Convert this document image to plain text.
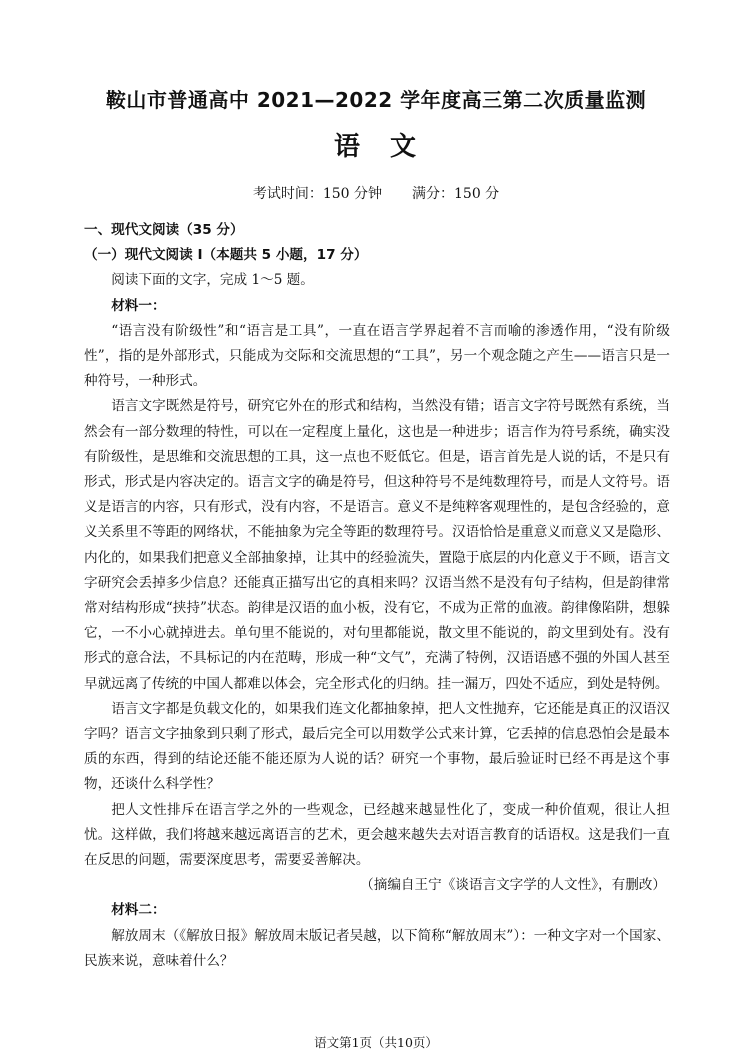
鞍山市普通高中 2021—2022 学年度高三第二次质量监测
语 文
考试时间：150 分钟 满分：150 分

一、现代文阅读（35 分）

（一）现代文阅读 I（本题共 5 小题，17 分）

阅读下面的文字，完成 1～5 题。

材料一：

“语言没有阶级性”和“语言是工具”，一直在语言学界起着不言而喻的渗透作用，“没有阶级性”，指的是外部形式，只能成为交际和交流思想的“工具”，另一个观念随之产生——语言只是一种符号，一种形式。

语言文字既然是符号，研究它外在的形式和结构，当然没有错；语言文字符号既然有系统，当然会有一部分数理的特性，可以在一定程度上量化，这也是一种进步；语言作为符号系统，确实没有阶级性，是思维和交流思想的工具，这一点也不贬低它。但是，语言首先是人说的话，不是只有形式，形式是内容决定的。语言文字的确是符号，但这种符号不是纯数理符号，而是人文符号。语义是语言的内容，只有形式，没有内容，不是语言。意义不是纯粹客观理性的，是包含经验的，意义关系里不等距的网络状，不能抽象为完全等距的数理符号。汉语恰恰是重意义而意义又是隐形、内化的，如果我们把意义全部抽象掉，让其中的经验流失，置隐于底层的内化意义于不顾，语言文字研究会丢掉多少信息？还能真正描写出它的真相来吗？汉语当然不是没有句子结构，但是韵律常常对结构形成“挟持”状态。韵律是汉语的血小板，没有它，不成为正常的血液。韵律像陷阱，想躲它，一不小心就掉进去。单句里不能说的，对句里都能说，散文里不能说的，韵文里到处有。没有形式的意合法，不具标记的内在范畴，形成一种“文气”，充满了特例，汉语语感不强的外国人甚至早就远离了传统的中国人都难以体会，完全形式化的归纳。挂一漏万，四处不适应，到处是特例。

语言文字都是负载文化的，如果我们连文化都抽象掉，把人文性抛弃，它还能是真正的汉语汉字吗？语言文字抽象到只剩了形式，最后完全可以用数学公式来计算，它丢掉的信息恐怕会是最本质的东西，得到的结论还能不能还原为人说的话？研究一个事物，最后验证时已经不再是这个事物，还谈什么科学性？

把人文性排斥在语言学之外的一些观念，已经越来越显性化了，变成一种价值观，很让人担忧。这样做，我们将越来越远离语言的艺术，更会越来越失去对语言教育的话语权。这是我们一直在反思的问题，需要深度思考，需要妥善解决。

（摘编自王宁《谈语言文字学的人文性》，有删改）

材料二：

解放周末（《解放日报》解放周末版记者吴越，以下简称“解放周末”）：一种文字对一个国家、民族来说，意味着什么？

语文第1页（共10页）
